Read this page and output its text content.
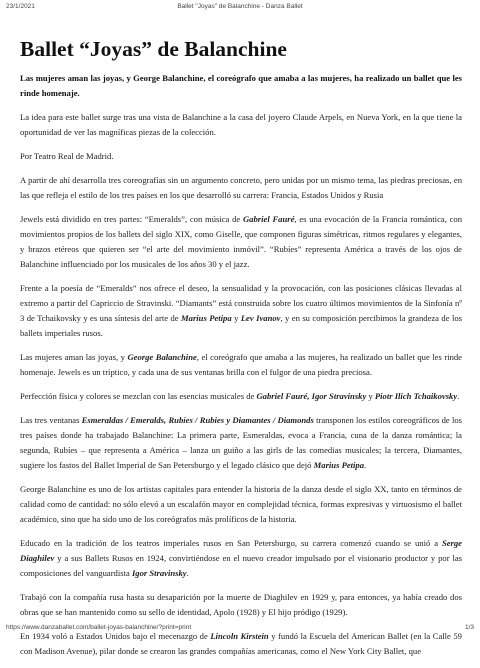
23/1/2021	Ballet "Joyas" de Balanchine - Danza Ballet
Ballet “Joyas” de Balanchine

Las mujeres aman las joyas, y George Balanchine, el coreógrafo que amaba a las mujeres, ha realizado un ballet que les rinde homenaje.

La idea para este ballet surge tras una vista de Balanchine a la casa del joyero Claude Arpels, en Nueva York, en la que tiene la oportunidad de ver las magníficas piezas de la colección.

Por Teatro Real de Madrid.

A partir de ahí desarrolla tres coreografías sin un argumento concreto, pero unidas por un mismo tema, las piedras preciosas, en las que refleja el estilo de los tres países en los que desarrolló su carrera: Francia, Estados Unidos y Rusia

Jewels está dividido en tres partes: “Emeralds”, con música de Gabriel Fauré, es una evocación de la Francia romántica, con movimientos propios de los ballets del siglo XIX, como Giselle, que componen figuras simétricas, ritmos regulares y elegantes, y brazos etéreos que quieren ser “el arte del movimiento inmóvil”. “Rubíes” representa América a través de los ojos de Balanchine influenciado por los musicales de los años 30 y el jazz.

Frente a la poesía de “Emeralds” nos ofrece el deseo, la sensualidad y la provocación, con las posiciones clásicas llevadas al extremo a partir del Capriccio de Stravinski. “Diamants” está construida sobre los cuatro últimos movimientos de la Sinfonía nº 3 de Tchaikovsky y es una síntesis del arte de Marius Petipa y Lev Ivanov, y en su composición percibimos la grandeza de los ballets imperiales rusos.

Las mujeres aman las joyas, y George Balanchine, el coreógrafo que amaba a las mujeres, ha realizado un ballet que les rinde homenaje. Jewels es un tríptico, y cada una de sus ventanas brilla con el fulgor de una piedra preciosa.

Perfección física y colores se mezclan con las esencias musicales de Gabriel Fauré, Igor Stravinsky y Piotr Ilich Tchaikovsky.

Las tres ventanas Esmeraldas / Emeralds, Rubíes / Rubies y Diamantes / Diamonds transponen los estilos coreográficos de los tres países donde ha trabajado Balanchine: La primera parte, Esmeraldas, evoca a Francia, cuna de la danza romántica; la segunda, Rubíes – que representa a América – lanza un guiño a las girls de las comedias musicales; la tercera, Diamantes, sugiere los fastos del Ballet Imperial de San Petersburgo y el legado clásico que dejó Marius Petipa.

George Balanchine es uno de los artistas capitales para entender la historia de la danza desde el siglo XX, tanto en términos de calidad como de cantidad: no sólo elevó a un escalafón mayor en complejidad técnica, formas expresivas y virtuosismo el ballet académico, sino que ha sido uno de los coreógrafos más prolíficos de la historia.

Educado en la tradición de los teatros imperiales rusos en San Petersburgo, su carrera comenzó cuando se unió a Serge Diaghilev y a sus Ballets Rusos en 1924, convirtiéndose en el nuevo creador impulsado por el visionario productor y por las composiciones del vanguardista Igor Stravinsky.

Trabajó con la compañía rusa hasta su desaparición por la muerte de Diaghilev en 1929 y, para entonces, ya había creado dos obras que se han mantenido como su sello de identidad, Apolo (1928) y El hijo pródigo (1929).

En 1934 voló a Estados Unidos bajo el mecenazgo de Lincoln Kirstein y fundó la Escuela del American Ballet (en la Calle 59 con Madison Avenue), pilar donde se crearon las grandes compañías americanas, como el New York City Ballet, que

https://www.danzaballet.com/ballet-joyas-balanchine/?print=print	1/3
